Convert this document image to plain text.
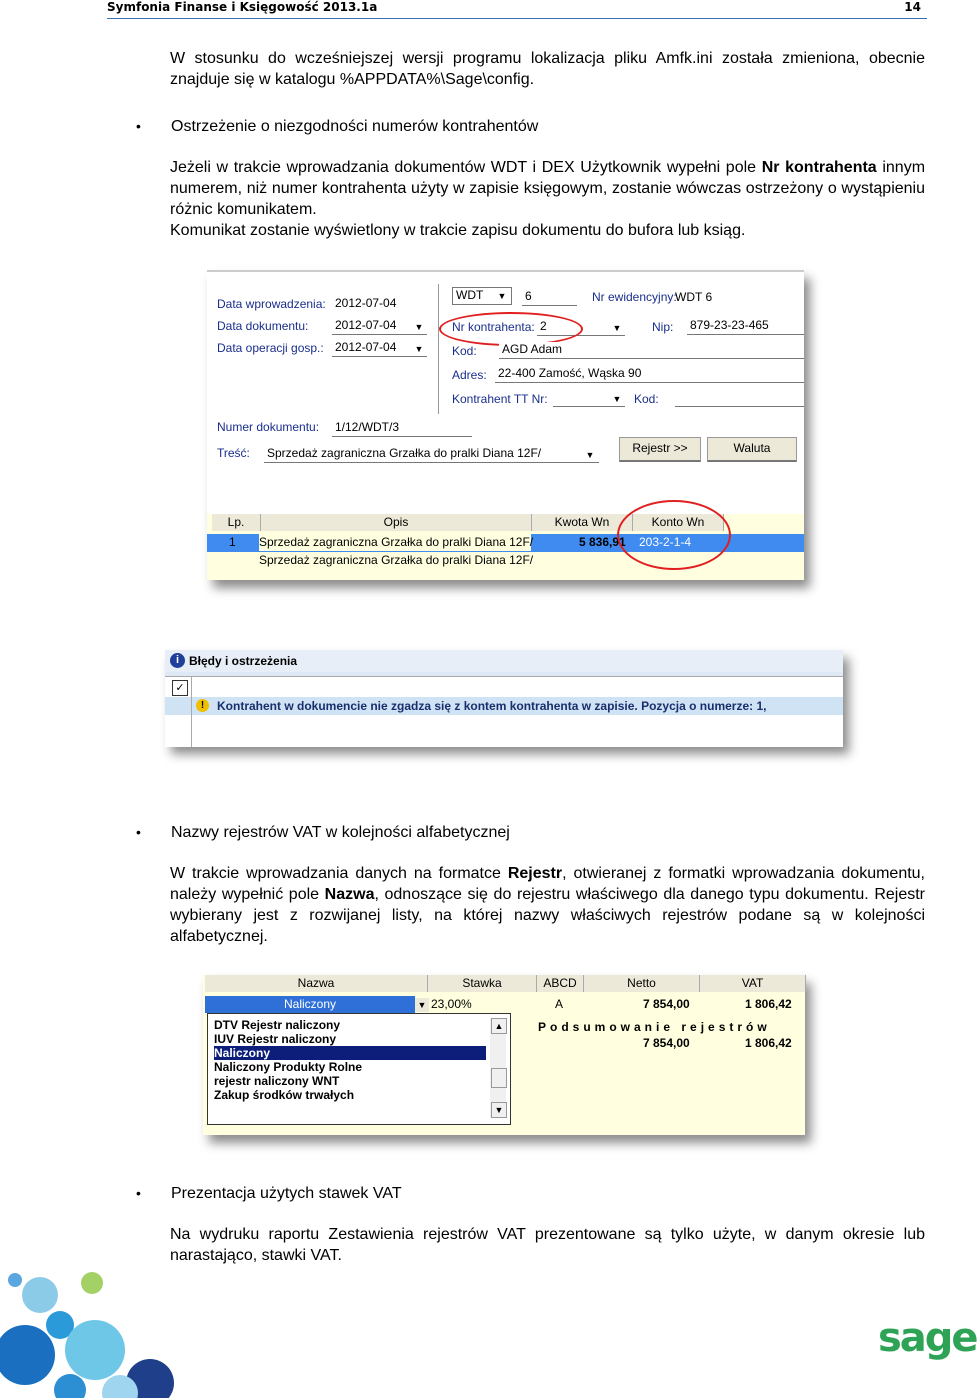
Symfonia Finanse i Księgowość 2013.1a	14
W stosunku do wcześniejszej wersji programu lokalizacja pliku Amfk.ini została zmieniona, obecnie znajduje się w katalogu %APPDATA%\Sage\config.
• Ostrzeżenie o niezgodności numerów kontrahentów
Jeżeli w trakcie wprowadzania dokumentów WDT i DEX Użytkownik wypełni pole Nr kontrahenta innym numerem, niż numer kontrahenta użyty w zapisie księgowym, zostanie wówczas ostrzeżony o wystąpieniu różnic komunikatem.
Komunikat zostanie wyświetlony w trakcie zapisu dokumentu do bufora lub ksiąg.
Data wprowadzenia: 2012-07-04
Data dokumentu: 2012-07-04	▼
Data operacji gosp.: 2012-07-04	▼
WDT	▼ 6	Nr ewidencyjny:
WDT 6
Nr kontrahenta: 2	▼	Nip: 879-23-23-465
Kod: AGD Adam
Adres: 22-400 Zamość, Wąska 90
Kontrahent TT Nr:	▼ Kod:
Numer dokumentu: 1/12/WDT/3
Treść: Sprzedaż zagraniczna Grzałka do pralki Diana 12F/	▼	Rejestr >>	Waluta
Lp.	Opis	Kwota Wn	Konto Wn
1 Sprzedaż zagraniczna Grzałka do pralki Diana 12F/	5 836,91 203-2-1-4
Sprzedaż zagraniczna Grzałka do pralki Diana 12F/
i Błędy i ostrzeżenia
✓
!	Kontrahent w dokumencie nie zgadza się z kontem kontrahenta w zapisie. Pozycja o numerze: 1,
• Nazwy rejestrów VAT w kolejności alfabetycznej
W trakcie wprowadzania danych na formatce Rejestr, otwieranej z formatki wprowadzania dokumentu, należy wypełnić pole Nazwa, odnoszące się do rejestru właściwego dla danego typu dokumentu. Rejestr wybierany jest z rozwijanej listy, na której nazwy właściwych rejestrów podane są w kolejności alfabetycznej.
Nazwa	Stawka	ABCD	Netto	VAT
Naliczony	▼ 23,00%	A	7 854,00	1 806,42
Podsumowanie rejestrów
7 854,00	1 806,42
DTV Rejestr naliczony
IUV Rejestr naliczony
Naliczony
Naliczony Produkty Rolne
rejestr naliczony WNT
Zakup środków trwałych
▲
▼
• Prezentacja użytych stawek VAT
Na wydruku raportu Zestawienia rejestrów VAT prezentowane są tylko użyte, w danym okresie lub narastająco, stawki VAT.
sage
